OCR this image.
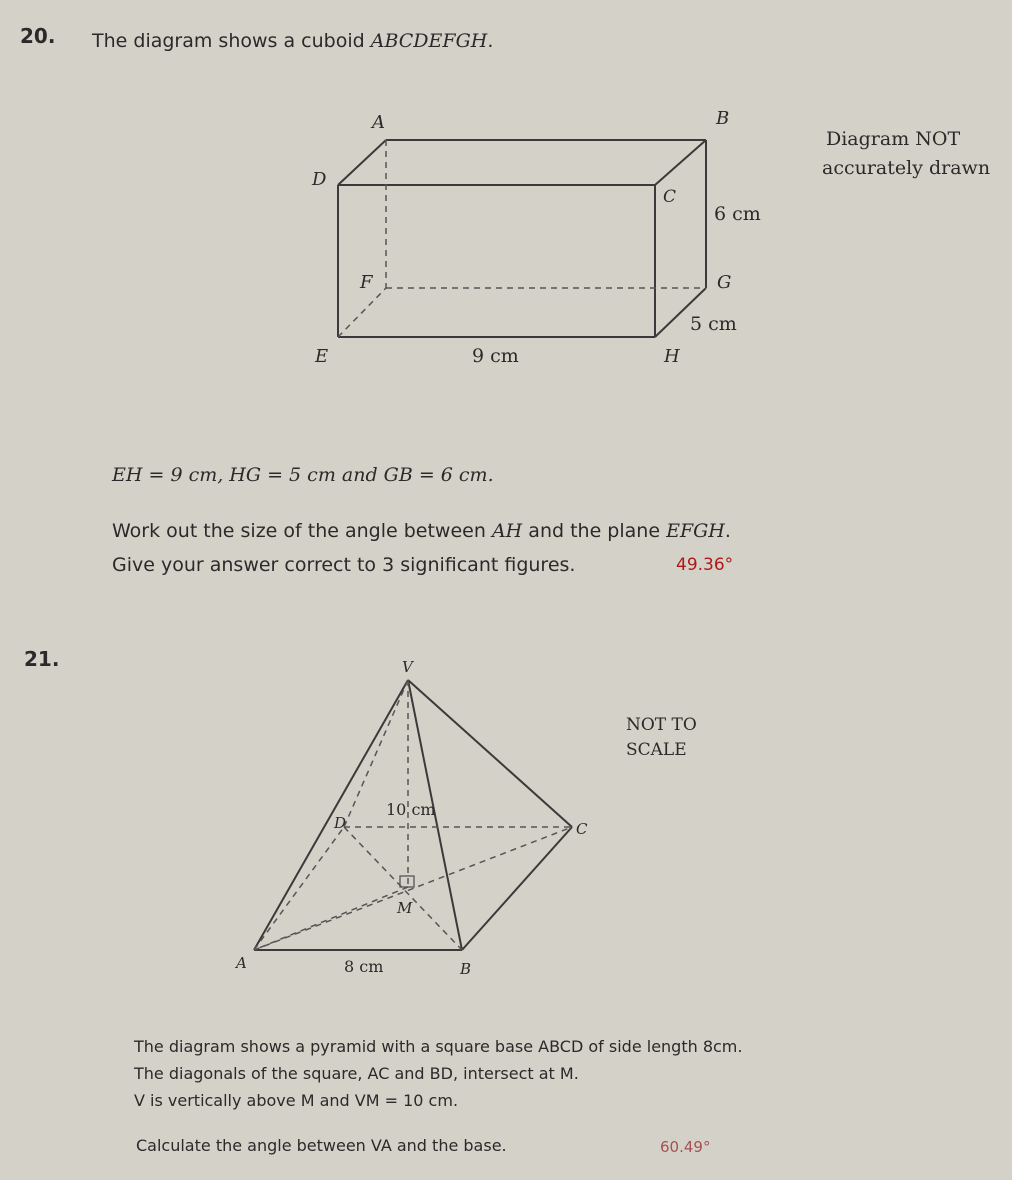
20. The diagram shows a cuboid ABCDEFGH.
A	B
C
D
E
F	G
H
6 cm
5 cm
9 cm
V
A	B
C
D
M
10 cm
8 cm
Diagram NOT
accurately drawn
EH = 9 cm, HG = 5 cm and GB = 6 cm.
Work out the size of the angle between AH and the plane EFGH.
Give your answer correct to 3 significant figures.	49.36°
21.
NOT TO
SCALE
The diagram shows a pyramid with a square base ABCD of side length 8cm.
The diagonals of the square, AC and BD, intersect at M.
V is vertically above M and VM = 10 cm.
Calculate the angle between VA and the base.	60.49°
